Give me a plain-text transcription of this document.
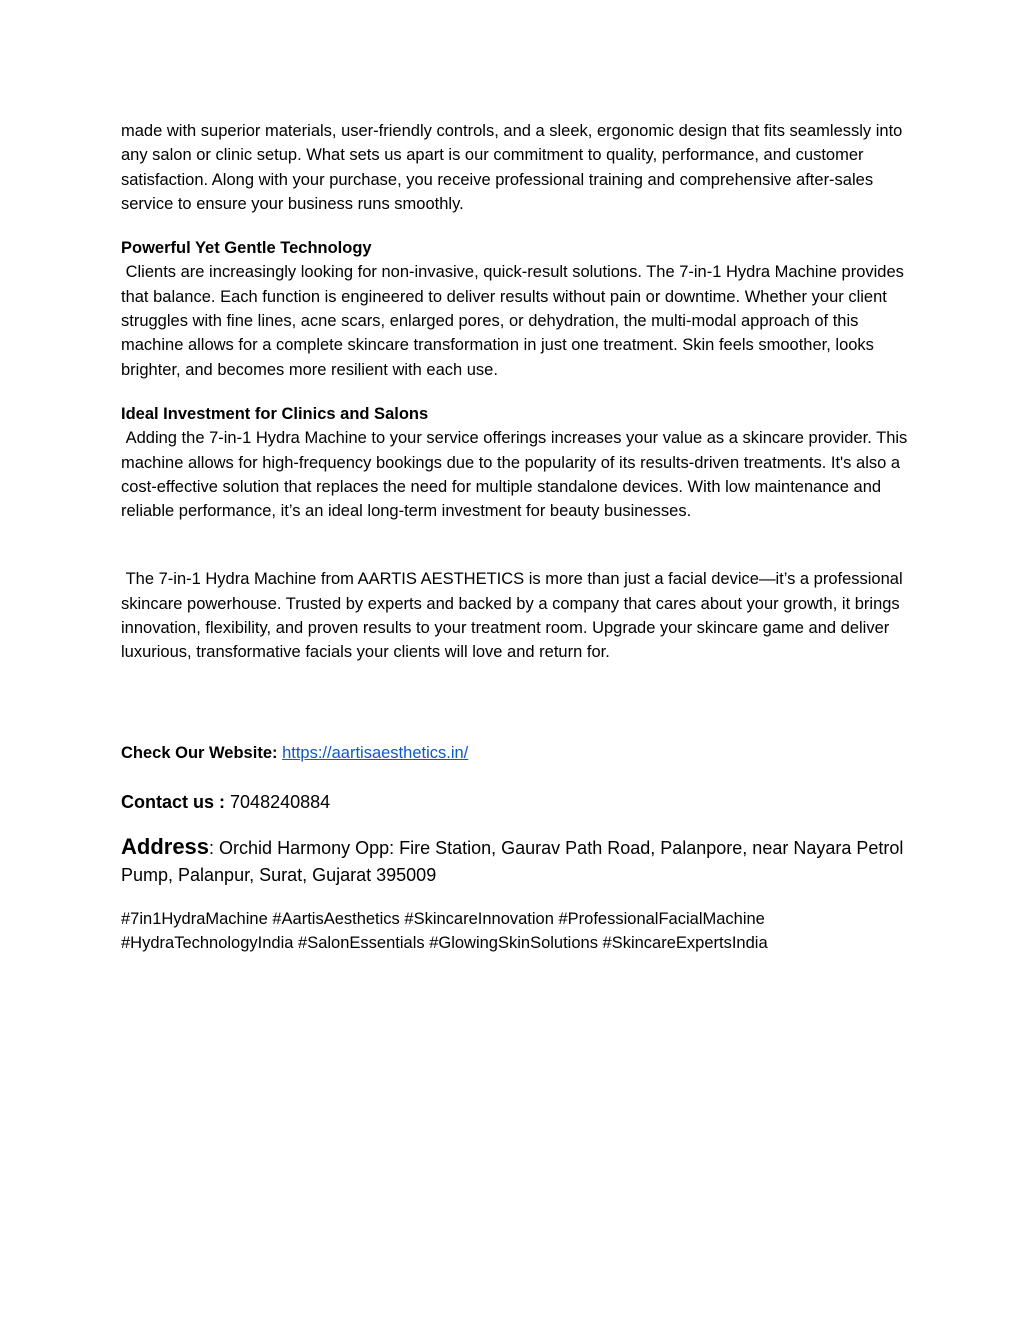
made with superior materials, user-friendly controls, and a sleek, ergonomic design that fits seamlessly into any salon or clinic setup. What sets us apart is our commitment to quality, performance, and customer satisfaction. Along with your purchase, you receive professional training and comprehensive after-sales service to ensure your business runs smoothly.

Powerful Yet Gentle Technology

Clients are increasingly looking for non-invasive, quick-result solutions. The 7-in-1 Hydra Machine provides that balance. Each function is engineered to deliver results without pain or downtime. Whether your client struggles with fine lines, acne scars, enlarged pores, or dehydration, the multi-modal approach of this machine allows for a complete skincare transformation in just one treatment. Skin feels smoother, looks brighter, and becomes more resilient with each use.

Ideal Investment for Clinics and Salons

Adding the 7-in-1 Hydra Machine to your service offerings increases your value as a skincare provider. This machine allows for high-frequency bookings due to the popularity of its results-driven treatments. It's also a cost-effective solution that replaces the need for multiple standalone devices. With low maintenance and reliable performance, it’s an ideal long-term investment for beauty businesses.

The 7-in-1 Hydra Machine from AARTIS AESTHETICS is more than just a facial device—it’s a professional skincare powerhouse. Trusted by experts and backed by a company that cares about your growth, it brings innovation, flexibility, and proven results to your treatment room. Upgrade your skincare game and deliver luxurious, transformative facials your clients will love and return for.

Check Our Website: https://aartisaesthetics.in/

Contact us : 7048240884

Address: Orchid Harmony Opp: Fire Station, Gaurav Path Road, Palanpore, near Nayara Petrol Pump, Palanpur, Surat, Gujarat 395009

#7in1HydraMachine #AartisAesthetics #SkincareInnovation #ProfessionalFacialMachine
#HydraTechnologyIndia #SalonEssentials #GlowingSkinSolutions #SkincareExpertsIndia
